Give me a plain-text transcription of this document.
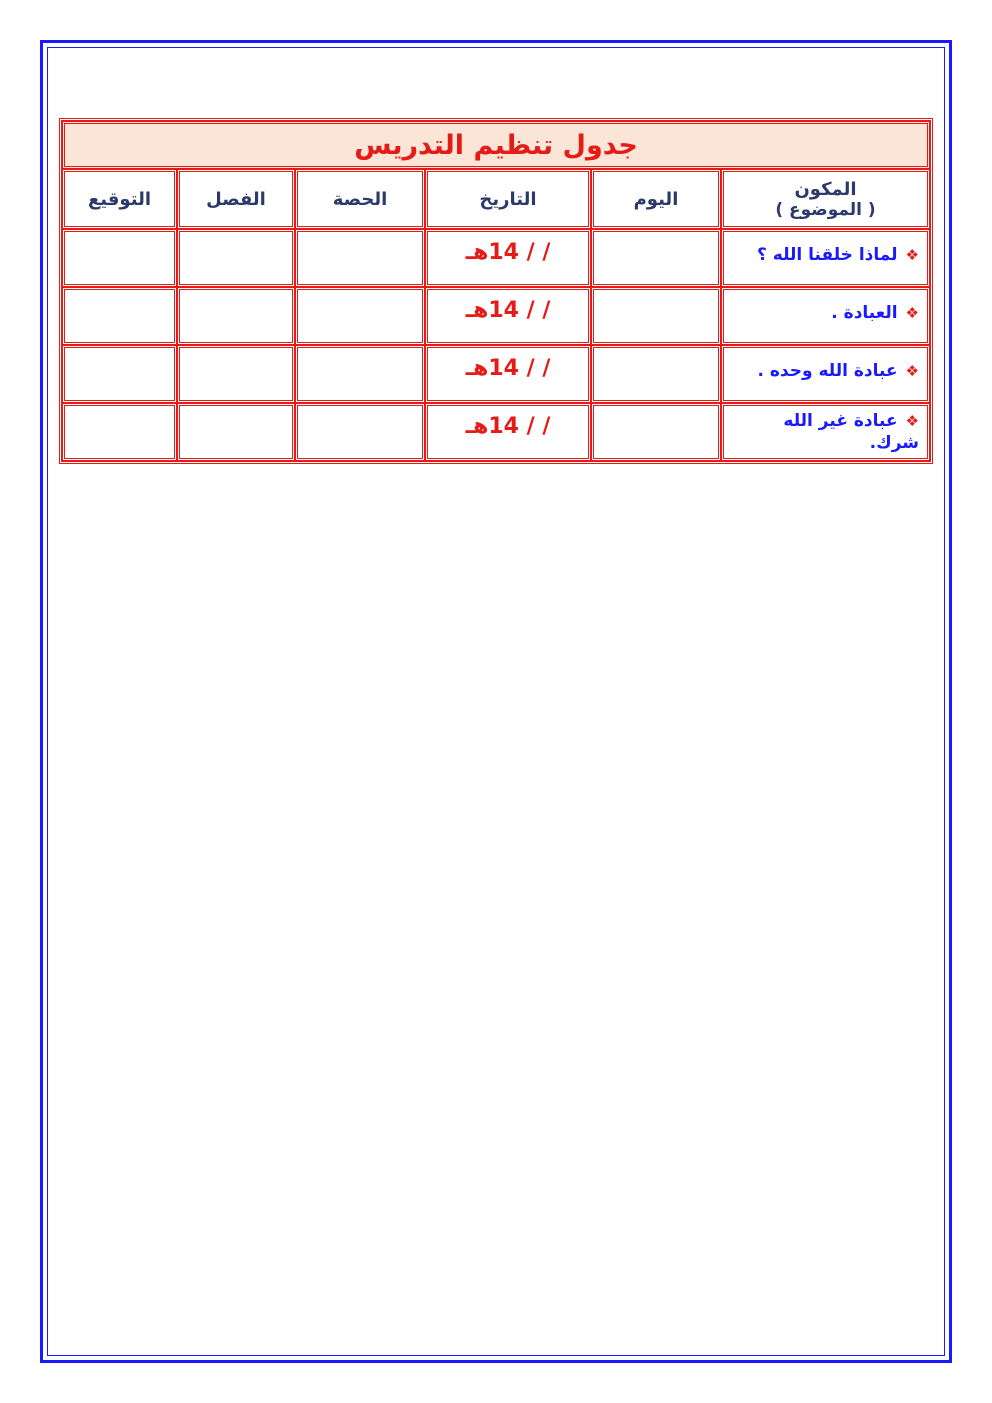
جدول تنظيم التدريس					
المكون
( الموضوع )	اليوم	التاريخ	الحصة	الفصل	التوقيع
❖لماذا خلقنا الله ؟		/ / 14هـ			
❖العبادة .		/ / 14هـ			
❖عبادة الله وحده .		/ / 14هـ			
❖عبادة غير الله شرك.		/ / 14هـ			
